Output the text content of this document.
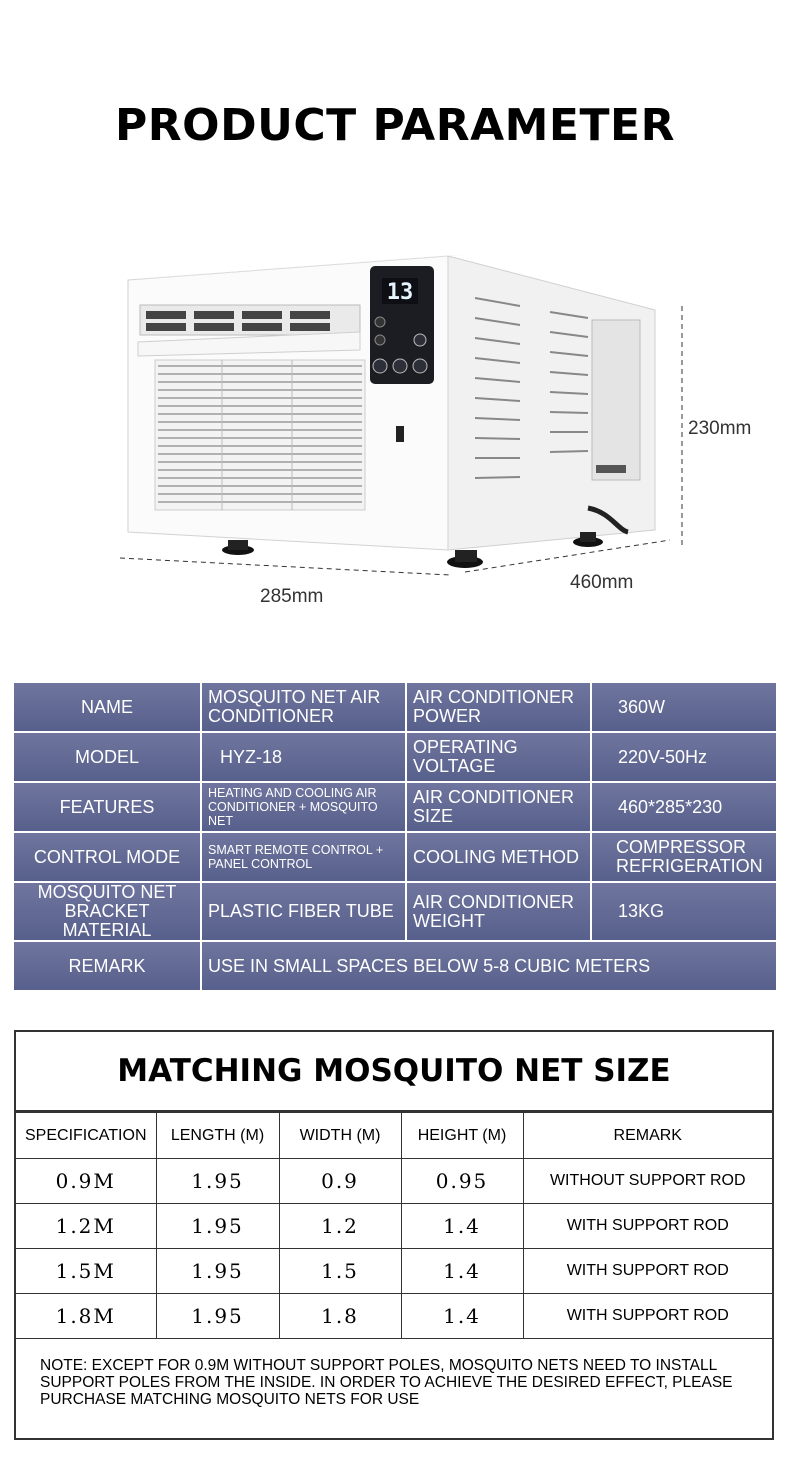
PRODUCT PARAMETER
13
230mm
285mm
460mm
NAME	MOSQUITO NET AIR CONDITIONER	AIR CONDITIONER POWER	360W
MODEL	HYZ-18	OPERATING VOLTAGE	220V-50Hz
FEATURES	HEATING AND COOLING AIR CONDITIONER + MOSQUITO NET	AIR CONDITIONER SIZE	460*285*230
CONTROL MODE	SMART REMOTE CONTROL + PANEL CONTROL	COOLING METHOD	COMPRESSOR REFRIGERATION
MOSQUITO NET BRACKET MATERIAL	PLASTIC FIBER TUBE	AIR CONDITIONER WEIGHT	13KG
REMARK	USE IN SMALL SPACES BELOW 5-8 CUBIC METERS		
MATCHING MOSQUITO NET SIZE
SPECIFICATION	LENGTH (M)	WIDTH (M)	HEIGHT (M)	REMARK
0.9M	1.95	0.9	0.95	WITHOUT SUPPORT ROD
1.2M	1.95	1.2	1.4	WITH SUPPORT ROD
1.5M	1.95	1.5	1.4	WITH SUPPORT ROD
1.8M	1.95	1.8	1.4	WITH SUPPORT ROD
NOTE: EXCEPT FOR 0.9M WITHOUT SUPPORT POLES, MOSQUITO NETS NEED TO INSTALL SUPPORT POLES FROM THE INSIDE. IN ORDER TO ACHIEVE THE DESIRED EFFECT, PLEASE PURCHASE MATCHING MOSQUITO NETS FOR USE
